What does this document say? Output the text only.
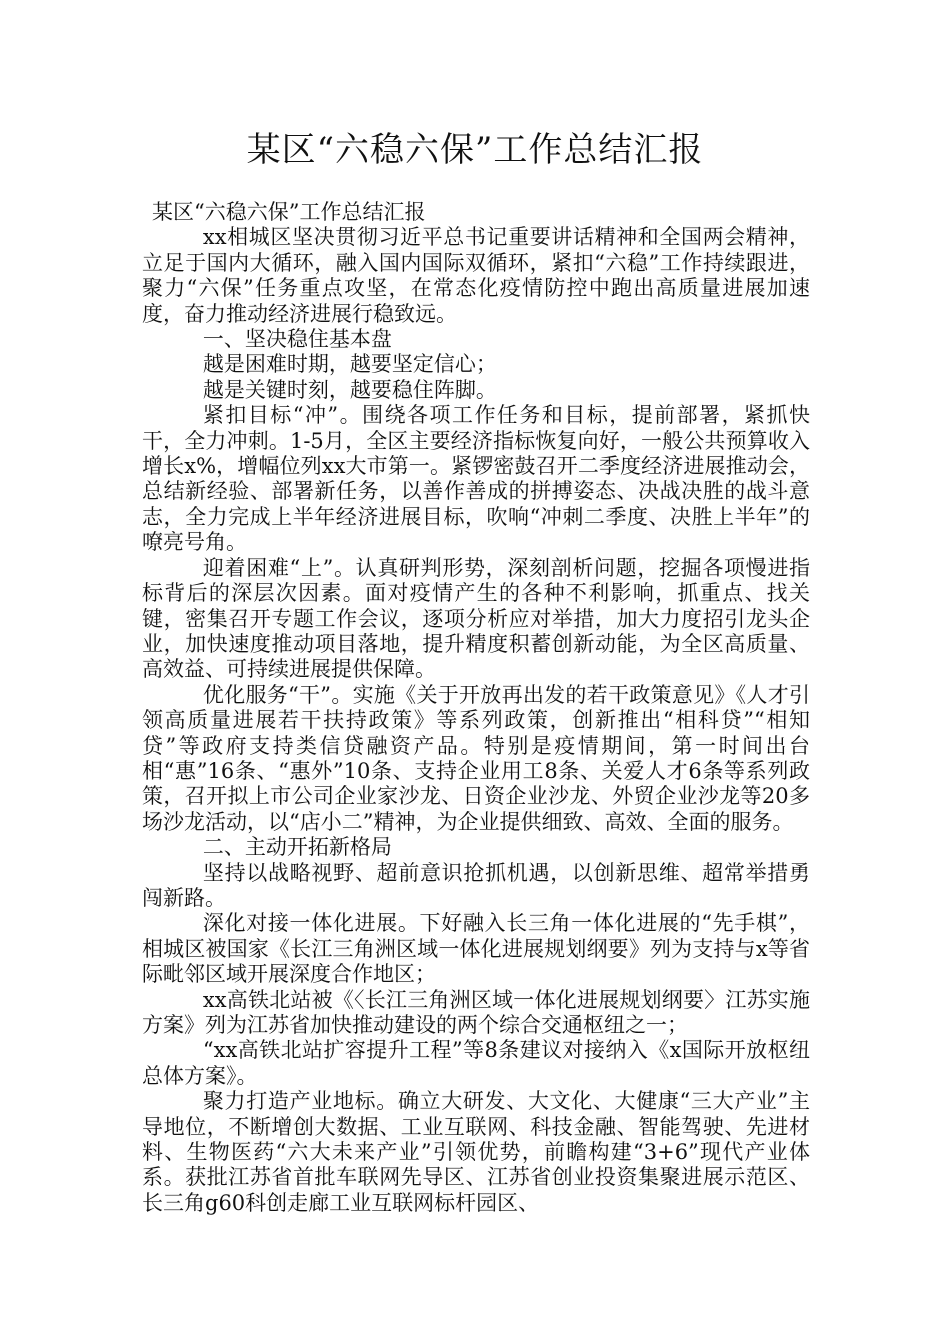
某区“六稳六保”工作总结汇报

某区“六稳六保”工作总结汇报

xx相城区坚决贯彻习近平总书记重要讲话精神和全国两会精神，立足于国内大循环，融入国内国际双循环，紧扣“六稳”工作持续跟进，聚力“六保”任务重点攻坚，在常态化疫情防控中跑出高质量进展加速度，奋力推动经济进展行稳致远。

一、坚决稳住基本盘

越是困难时期，越要坚定信心；

越是关键时刻，越要稳住阵脚。

紧扣目标“冲”。围绕各项工作任务和目标，提前部署，紧抓快干，全力冲刺。1-5月，全区主要经济指标恢复向好，一般公共预算收入增长x%，增幅位列xx大市第一。紧锣密鼓召开二季度经济进展推动会，总结新经验、部署新任务，以善作善成的拼搏姿态、决战决胜的战斗意志，全力完成上半年经济进展目标，吹响“冲刺二季度、决胜上半年”的嘹亮号角。

迎着困难“上”。认真研判形势，深刻剖析问题，挖掘各项慢进指标背后的深层次因素。面对疫情产生的各种不利影响，抓重点、找关键，密集召开专题工作会议，逐项分析应对举措，加大力度招引龙头企业，加快速度推动项目落地，提升精度积蓄创新动能，为全区高质量、高效益、可持续进展提供保障。

优化服务“干”。实施《关于开放再出发的若干政策意见》《人才引领高质量进展若干扶持政策》等系列政策，创新推出“相科贷”“相知贷”等政府支持类信贷融资产品。特别是疫情期间，第一时间出台相“惠”16条、“惠外”10条、支持企业用工8条、关爱人才6条等系列政策，召开拟上市公司企业家沙龙、日资企业沙龙、外贸企业沙龙等20多场沙龙活动，以“店小二”精神，为企业提供细致、高效、全面的服务。

二、主动开拓新格局

坚持以战略视野、超前意识抢抓机遇，以创新思维、超常举措勇闯新路。

深化对接一体化进展。下好融入长三角一体化进展的“先手棋”，相城区被国家《长江三角洲区域一体化进展规划纲要》列为支持与x等省际毗邻区域开展深度合作地区；

xx高铁北站被《〈长江三角洲区域一体化进展规划纲要〉江苏实施方案》列为江苏省加快推动建设的两个综合交通枢纽之一；

“xx高铁北站扩容提升工程”等8条建议对接纳入《x国际开放枢纽总体方案》。

聚力打造产业地标。确立大研发、大文化、大健康“三大产业”主导地位，不断增创大数据、工业互联网、科技金融、智能驾驶、先进材料、生物医药“六大未来产业”引领优势，前瞻构建“3+6”现代产业体系。获批江苏省首批车联网先导区、江苏省创业投资集聚进展示范区、长三角g60科创走廊工业互联网标杆园区、
